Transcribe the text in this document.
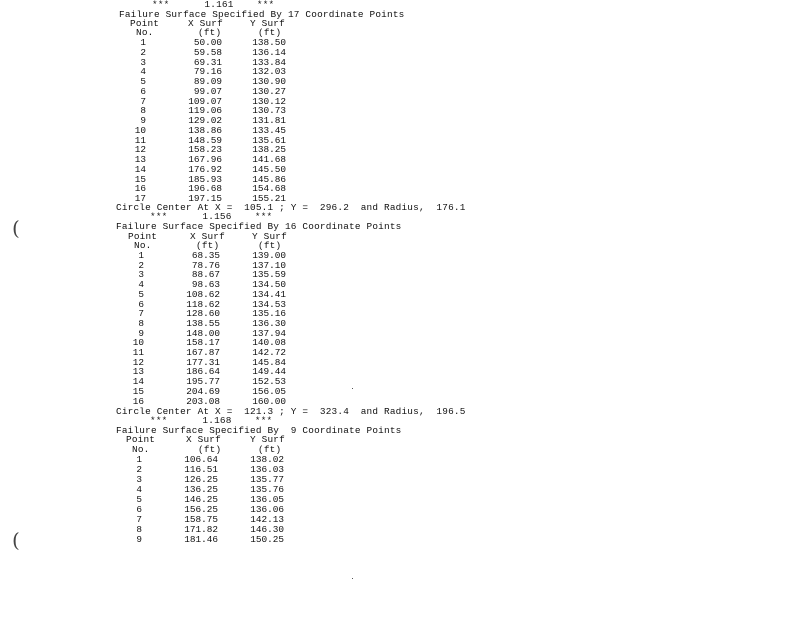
***      1.161    ***
Failure Surface Specified By 17 Coordinate Points
Point	X Surf	Y Surf
No.	(ft)	(ft)
1	50.00	138.50
2	59.58	136.14
3	69.31	133.84
4	79.16	132.03
5	89.09	130.90
6	99.07	130.27
7	109.07	130.12
8	119.06	130.73
9	129.02	131.81
10	138.86	133.45
11	148.59	135.61
12	158.23	138.25
13	167.96	141.68
14	176.92	145.50
15	185.93	145.86
16	196.68	154.68
17	197.15	155.21
Circle Center At X =  105.1 ; Y =  296.2  and Radius,  176.1
***      1.156    ***
Failure Surface Specified By 16 Coordinate Points
Point	X Surf	Y Surf
No.	(ft)	(ft)
1	68.35	139.00
2	78.76	137.10
3	88.67	135.59
4	98.63	134.50
5	108.62	134.41
6	118.62	134.53
7	128.60	135.16
8	138.55	136.30
9	148.00	137.94
10	158.17	140.08
11	167.87	142.72
12	177.31	145.84
13	186.64	149.44
14	195.77	152.53
15	204.69	156.05
16	203.08	160.00
Circle Center At X =  121.3 ; Y =  323.4  and Radius,  196.5
***      1.168    ***
Failure Surface Specified By  9 Coordinate Points
Point	X Surf	Y Surf
No.	(ft)	(ft)
1	106.64	138.02
2	116.51	136.03
3	126.25	135.77
4	136.25	135.76
5	146.25	136.05
6	156.25	136.06
7	158.75	142.13
8	171.82	146.30
9	181.46	150.25
(
(
